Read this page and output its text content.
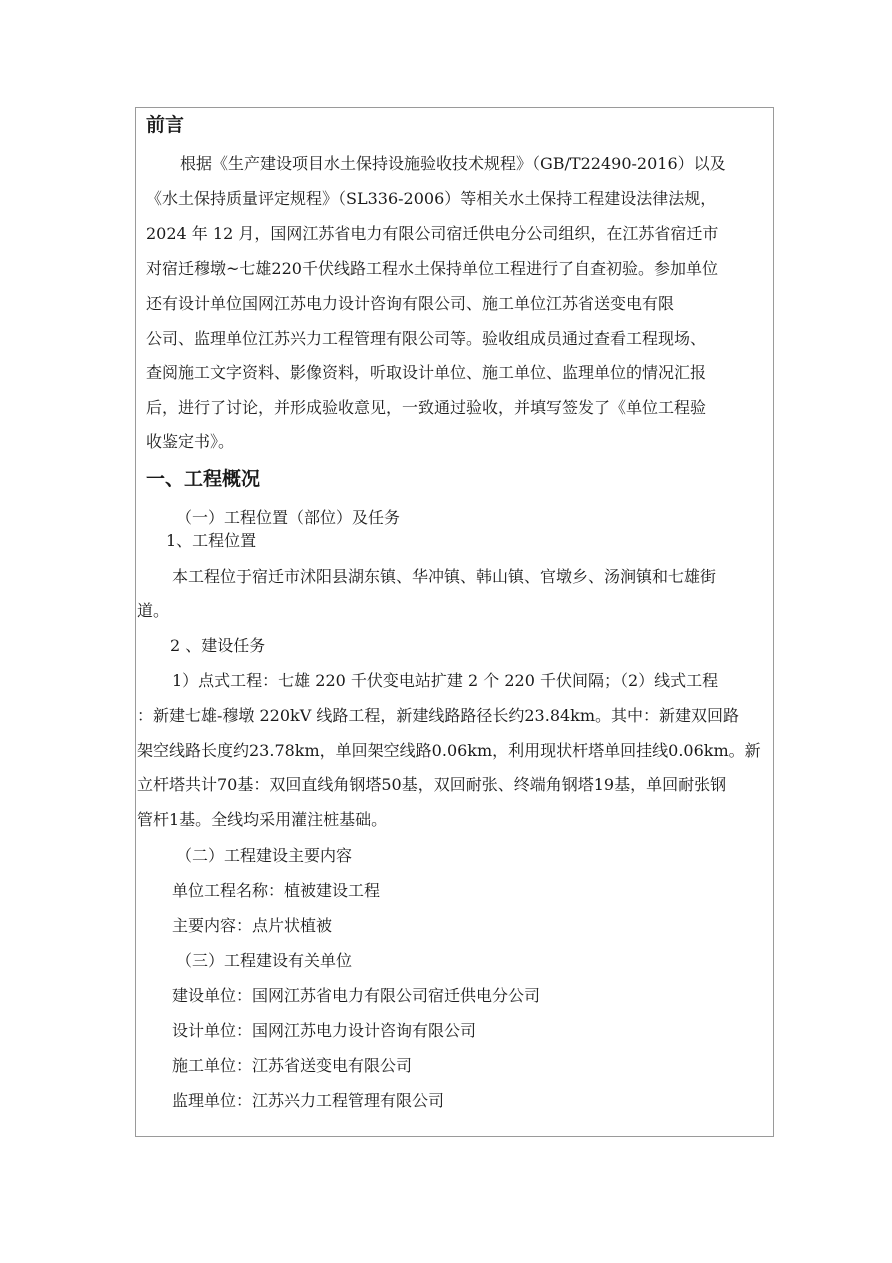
前言
根据《生产建设项目水土保持设施验收技术规程》（GB/T22490-2016）以及
《水土保持质量评定规程》（SL336-2006）等相关水土保持工程建设法律法规，
2024 年 12 月，国网江苏省电力有限公司宿迁供电分公司组织，在江苏省宿迁市
对宿迁穆墩~七雄220千伏线路工程水土保持单位工程进行了自查初验。参加单位
还有设计单位国网江苏电力设计咨询有限公司、施工单位江苏省送变电有限
公司、监理单位江苏兴力工程管理有限公司等。验收组成员通过查看工程现场、
查阅施工文字资料、影像资料，听取设计单位、施工单位、监理单位的情况汇报
后，进行了讨论，并形成验收意见，一致通过验收，并填写签发了《单位工程验
收鉴定书》。
一、工程概况
（一）工程位置（部位）及任务
1、工程位置
本工程位于宿迁市沭阳县湖东镇、华冲镇、韩山镇、官墩乡、汤涧镇和七雄街
道。
2 、建设任务
1）点式工程：七雄 220 千伏变电站扩建 2 个 220 千伏间隔；（2）线式工程
：新建七雄-穆墩 220kV 线路工程，新建线路路径长约23.84km。其中：新建双回路
架空线路长度约23.78km，单回架空线路0.06km，利用现状杆塔单回挂线0.06km。新
立杆塔共计70基：双回直线角钢塔50基，双回耐张、终端角钢塔19基，单回耐张钢
管杆1基。全线均采用灌注桩基础。
（二）工程建设主要内容
单位工程名称：植被建设工程
主要内容：点片状植被
（三）工程建设有关单位
建设单位：国网江苏省电力有限公司宿迁供电分公司
设计单位：国网江苏电力设计咨询有限公司
施工单位：江苏省送变电有限公司
监理单位：江苏兴力工程管理有限公司
